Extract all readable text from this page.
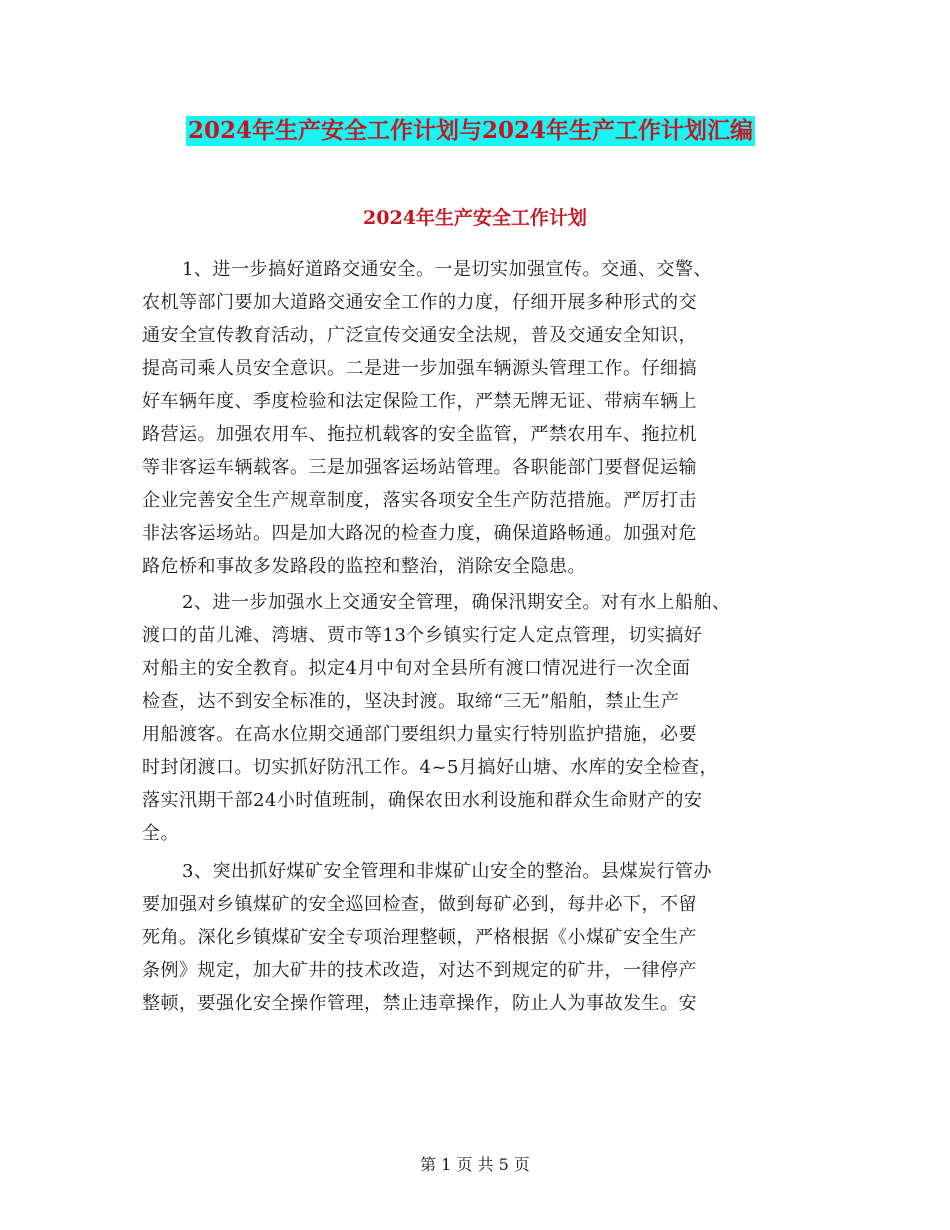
2024年生产安全工作计划与2024年生产工作计划汇编
2024年生产安全工作计划
1、进一步搞好道路交通安全。一是切实加强宣传。交通、交警、
农机等部门要加大道路交通安全工作的力度，仔细开展多种形式的交
通安全宣传教育活动，广泛宣传交通安全法规，普及交通安全知识，
提高司乘人员安全意识。二是进一步加强车辆源头管理工作。仔细搞
好车辆年度、季度检验和法定保险工作，严禁无牌无证、带病车辆上
路营运。加强农用车、拖拉机载客的安全监管，严禁农用车、拖拉机
等非客运车辆载客。三是加强客运场站管理。各职能部门要督促运输
企业完善安全生产规章制度，落实各项安全生产防范措施。严厉打击
非法客运场站。四是加大路况的检查力度，确保道路畅通。加强对危
路危桥和事故多发路段的监控和整治，消除安全隐患。
2、进一步加强水上交通安全管理，确保汛期安全。对有水上船舶、
渡口的苗儿滩、湾塘、贾市等13个乡镇实行定人定点管理，切实搞好
对船主的安全教育。拟定4月中旬对全县所有渡口情况进行一次全面
检查，达不到安全标准的，坚决封渡。取缔“三无”船舶，禁止生产
用船渡客。在高水位期交通部门要组织力量实行特别监护措施，必要
时封闭渡口。切实抓好防汛工作。4~5月搞好山塘、水库的安全检查，
落实汛期干部24小时值班制，确保农田水利设施和群众生命财产的安
全。
3、突出抓好煤矿安全管理和非煤矿山安全的整治。县煤炭行管办
要加强对乡镇煤矿的安全巡回检查，做到每矿必到，每井必下，不留
死角。深化乡镇煤矿安全专项治理整顿，严格根据《小煤矿安全生产
条例》规定，加大矿井的技术改造，对达不到规定的矿井，一律停产
整顿，要强化安全操作管理，禁止违章操作，防止人为事故发生。安
第 1 页 共 5 页
